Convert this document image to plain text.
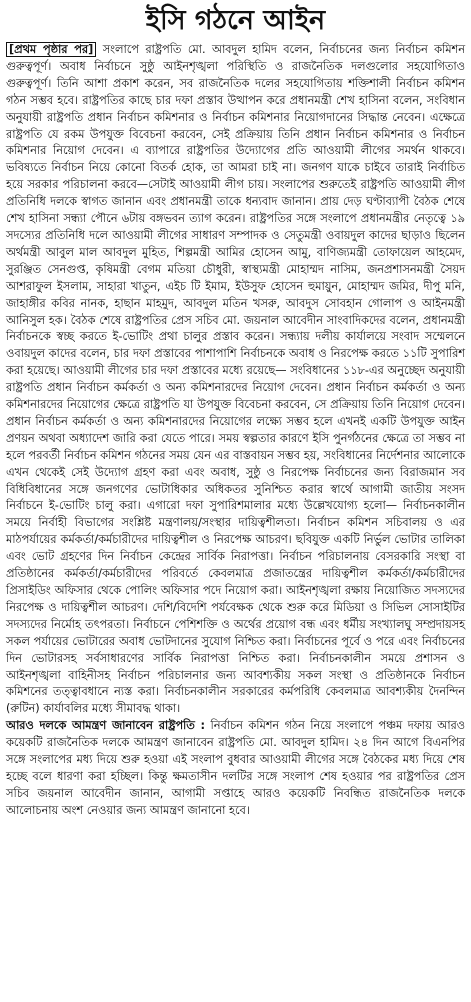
ইসি গঠনে আইন

[প্রথম পৃষ্ঠার পর] সংলাপে রাষ্ট্রপতি মো. আবদুল হামিদ বলেন, নির্বাচনের জন্য নির্বাচন কমিশন গুরুত্বপূর্ণ। অবাধ নির্বাচনে সুষ্ঠু আইনশৃঙ্খলা পরিস্থিতি ও রাজনৈতিক দলগুলোর সহযোগিতাও গুরুত্বপূর্ণ। তিনি আশা প্রকাশ করেন, সব রাজনৈতিক দলের সহযোগিতায় শক্তিশালী নির্বাচন কমিশন গঠন সম্ভব হবে। রাষ্ট্রপতির কাছে চার দফা প্রস্তাব উত্থাপন করে প্রধানমন্ত্রী শেখ হাসিনা বলেন, সংবিধান অনুযায়ী রাষ্ট্রপতি প্রধান নির্বাচন কমিশনার ও নির্বাচন কমিশনার নিয়োগদানের সিদ্ধান্ত নেবেন। এক্ষেত্রে রাষ্ট্রপতি যে রকম উপযুক্ত বিবেচনা করবেন, সেই প্রক্রিয়ায় তিনি প্রধান নির্বাচন কমিশনার ও নির্বাচন কমিশনার নিয়োগ দেবেন। এ ব্যাপারে রাষ্ট্রপতির উদ্যোগের প্রতি আওয়ামী লীগের সমর্থন থাকবে। ভবিষ্যতে নির্বাচন নিয়ে কোনো বিতর্ক হোক, তা আমরা চাই না। জনগণ যাকে চাইবে তারাই নির্বাচিত হয়ে সরকার পরিচালনা করবে—সেটাই আওয়ামী লীগ চায়। সংলাপের শুরুতেই রাষ্ট্রপতি আওয়ামী লীগ প্রতিনিধি দলকে স্বাগত জানান এবং প্রধানমন্ত্রী তাকে ধন্যবাদ জানান। প্রায় দেড় ঘণ্টাব্যাপী বৈঠক শেষে শেখ হাসিনা সন্ধ্যা পৌনে ৬টায় বঙ্গভবন ত্যাগ করেন। রাষ্ট্রপতির সঙ্গে সংলাপে প্রধানমন্ত্রীর নেতৃত্বে ১৯ সদস্যের প্রতিনিধি দলে আওয়ামী লীগের সাধারণ সম্পাদক ও সেতুমন্ত্রী ওবায়দুল কাদের ছাড়াও ছিলেন অর্থমন্ত্রী আবুল মাল আবদুল মুহিত, শিল্পমন্ত্রী আমির হোসেন আমু, বাণিজ্যমন্ত্রী তোফায়েল আহমেদ, সুরঞ্জিত সেনগুপ্ত, কৃষিমন্ত্রী বেগম মতিয়া চৌধুরী, স্বাস্থ্যমন্ত্রী মোহাম্মদ নাসিম, জনপ্রশাসনমন্ত্রী সৈয়দ আশরাফুল ইসলাম, সাহারা খাতুন, এইচ টি ইমাম, ইউসুফ হোসেন হুমায়ুন, মোহাম্মদ জমির, দীপু মনি, জাহাঙ্গীর কবির নানক, হাছান মাহমুদ, আবদুল মতিন খসরু, আবদুস সোবহান গোলাপ ও আইনমন্ত্রী আনিসুল হক। বৈঠক শেষে রাষ্ট্রপতির প্রেস সচিব মো. জয়নাল আবেদীন সাংবাদিকদের বলেন, প্রধানমন্ত্রী নির্বাচনকে স্বচ্ছ করতে ই-ভোটিং প্রথা চালুর প্রস্তাব করেন। সন্ধ্যায় দলীয় কার্যালয়ে সংবাদ সম্মেলনে ওবায়দুল কাদের বলেন, চার দফা প্রস্তাবের পাশাপাশি নির্বাচনকে অবাধ ও নিরপেক্ষ করতে ১১টি সুপারিশ করা হয়েছে। আওয়ামী লীগের চার দফা প্রস্তাবের মধ্যে রয়েছে— সংবিধানের ১১৮-এর অনুচ্ছেদ অনুযায়ী রাষ্ট্রপতি প্রধান নির্বাচন কর্মকর্তা ও অন্য কমিশনারদের নিয়োগ দেবেন। প্রধান নির্বাচন কর্মকর্তা ও অন্য কমিশনারদের নিয়োগের ক্ষেত্রে রাষ্ট্রপতি যা উপযুক্ত বিবেচনা করবেন, সে প্রক্রিয়ায় তিনি নিয়োগ দেবেন। প্রধান নির্বাচন কর্মকর্তা ও অন্য কমিশনারদের নিয়োগের লক্ষ্যে সম্ভব হলে এখনই একটি উপযুক্ত আইন প্রণয়ন অথবা অধ্যাদেশ জারি করা যেতে পারে। সময় স্বল্পতার কারণে ইসি পুনর্গঠনের ক্ষেত্রে তা সম্ভব না হলে পরবর্তী নির্বাচন কমিশন গঠনের সময় যেন এর বাস্তবায়ন সম্ভব হয়, সংবিধানের নির্দেশনার আলোকে এখন থেকেই সেই উদ্যোগ গ্রহণ করা এবং অবাধ, সুষ্ঠু ও নিরপেক্ষ নির্বাচনের জন্য বিরাজমান সব বিধিবিধানের সঙ্গে জনগণের ভোটাধিকার অধিকতর সুনিশ্চিত করার স্বার্থে আগামী জাতীয় সংসদ নির্বাচনে ই-ভোটিং চালু করা। এগারো দফা সুপারিশমালার মধ্যে উল্লেখযোগ্য হলো— নির্বাচনকালীন সময়ে নির্বাহী বিভাগের সংশ্লিষ্ট মন্ত্রণালয়/সংস্থার দায়িত্বশীলতা। নির্বাচন কমিশন সচিবালয় ও এর মাঠপর্যায়ের কর্মকর্তা/কর্মচারীদের দায়িত্বশীল ও নিরপেক্ষ আচরণ। ছবিযুক্ত একটি নির্ভুল ভোটার তালিকা এবং ভোট গ্রহণের দিন নির্বাচন কেন্দ্রের সার্বিক নিরাপত্তা। নির্বাচন পরিচালনায় বেসরকারি সংস্থা বা প্রতিষ্ঠানের কর্মকর্তা/কর্মচারীদের পরিবর্তে কেবলমাত্র প্রজাতন্ত্রের দায়িত্বশীল কর্মকর্তা/কর্মচারীদের প্রিসাইডিং অফিসার থেকে পোলিং অফিসার পদে নিয়োগ করা। আইনশৃঙ্খলা রক্ষায় নিয়োজিত সদস্যদের নিরপেক্ষ ও দায়িত্বশীল আচরণ। দেশি/বিদেশি পর্যবেক্ষক থেকে শুরু করে মিডিয়া ও সিভিল সোসাইটির সদস্যদের নির্মোহ তৎপরতা। নির্বাচনে পেশিশক্তি ও অর্থের প্রয়োগ বন্ধ এবং ধর্মীয় সংখ্যালঘু সম্প্রদায়সহ সকল পর্যায়ের ভোটারের অবাধ ভোটদানের সুযোগ নিশ্চিত করা। নির্বাচনের পূর্বে ও পরে এবং নির্বাচনের দিন ভোটারসহ সর্বসাধারণের সার্বিক নিরাপত্তা নিশ্চিত করা। নির্বাচনকালীন সময়ে প্রশাসন ও আইনশৃঙ্খলা বাহিনীসহ নির্বাচন পরিচালনার জন্য আবশ্যকীয় সকল সংস্থা ও প্রতিষ্ঠানকে নির্বাচন কমিশনের তত্ত্বাবধানে ন্যস্ত করা। নির্বাচনকালীন সরকারের কর্মপরিধি কেবলমাত্র আবশ্যকীয় দৈনন্দিন (রুটিন) কার্যাবলির মধ্যে সীমাবদ্ধ থাকা।

আরও দলকে আমন্ত্রণ জানাবেন রাষ্ট্রপতি : নির্বাচন কমিশন গঠন নিয়ে সংলাপে পঞ্চম দফায় আরও কয়েকটি রাজনৈতিক দলকে আমন্ত্রণ জানাবেন রাষ্ট্রপতি মো. আবদুল হামিদ। ২৪ দিন আগে বিএনপির সঙ্গে সংলাপের মধ্য দিয়ে শুরু হওয়া এই সংলাপ বুধবার আওয়ামী লীগের সঙ্গে বৈঠকের মধ্য দিয়ে শেষ হচ্ছে বলে ধারণা করা হচ্ছিল। কিন্তু ক্ষমতাসীন দলটির সঙ্গে সংলাপ শেষ হওয়ার পর রাষ্ট্রপতির প্রেস সচিব জয়নাল আবেদীন জানান, আগামী সপ্তাহে আরও কয়েকটি নিবন্ধিত রাজনৈতিক দলকে আলোচনায় অংশ নেওয়ার জন্য আমন্ত্রণ জানানো হবে।
